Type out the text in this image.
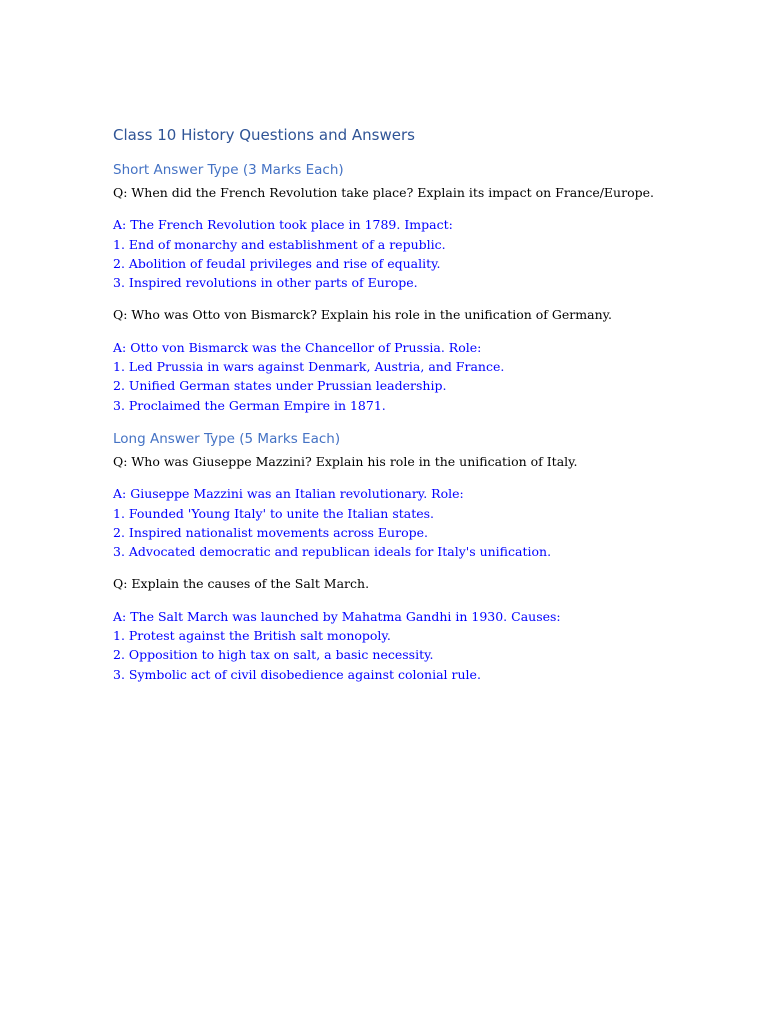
Class 10 History Questions and Answers
Short Answer Type (3 Marks Each)

Q: When did the French Revolution take place? Explain its impact on France/Europe.

A: The French Revolution took place in 1789. Impact:
1. End of monarchy and establishment of a republic.
2. Abolition of feudal privileges and rise of equality.
3. Inspired revolutions in other parts of Europe.

Q: Who was Otto von Bismarck? Explain his role in the unification of Germany.

A: Otto von Bismarck was the Chancellor of Prussia. Role:
1. Led Prussia in wars against Denmark, Austria, and France.
2. Unified German states under Prussian leadership.
3. Proclaimed the German Empire in 1871.
Long Answer Type (5 Marks Each)

Q: Who was Giuseppe Mazzini? Explain his role in the unification of Italy.

A: Giuseppe Mazzini was an Italian revolutionary. Role:
1. Founded 'Young Italy' to unite the Italian states.
2. Inspired nationalist movements across Europe.
3. Advocated democratic and republican ideals for Italy's unification.

Q: Explain the causes of the Salt March.

A: The Salt March was launched by Mahatma Gandhi in 1930. Causes:
1. Protest against the British salt monopoly.
2. Opposition to high tax on salt, a basic necessity.
3. Symbolic act of civil disobedience against colonial rule.
